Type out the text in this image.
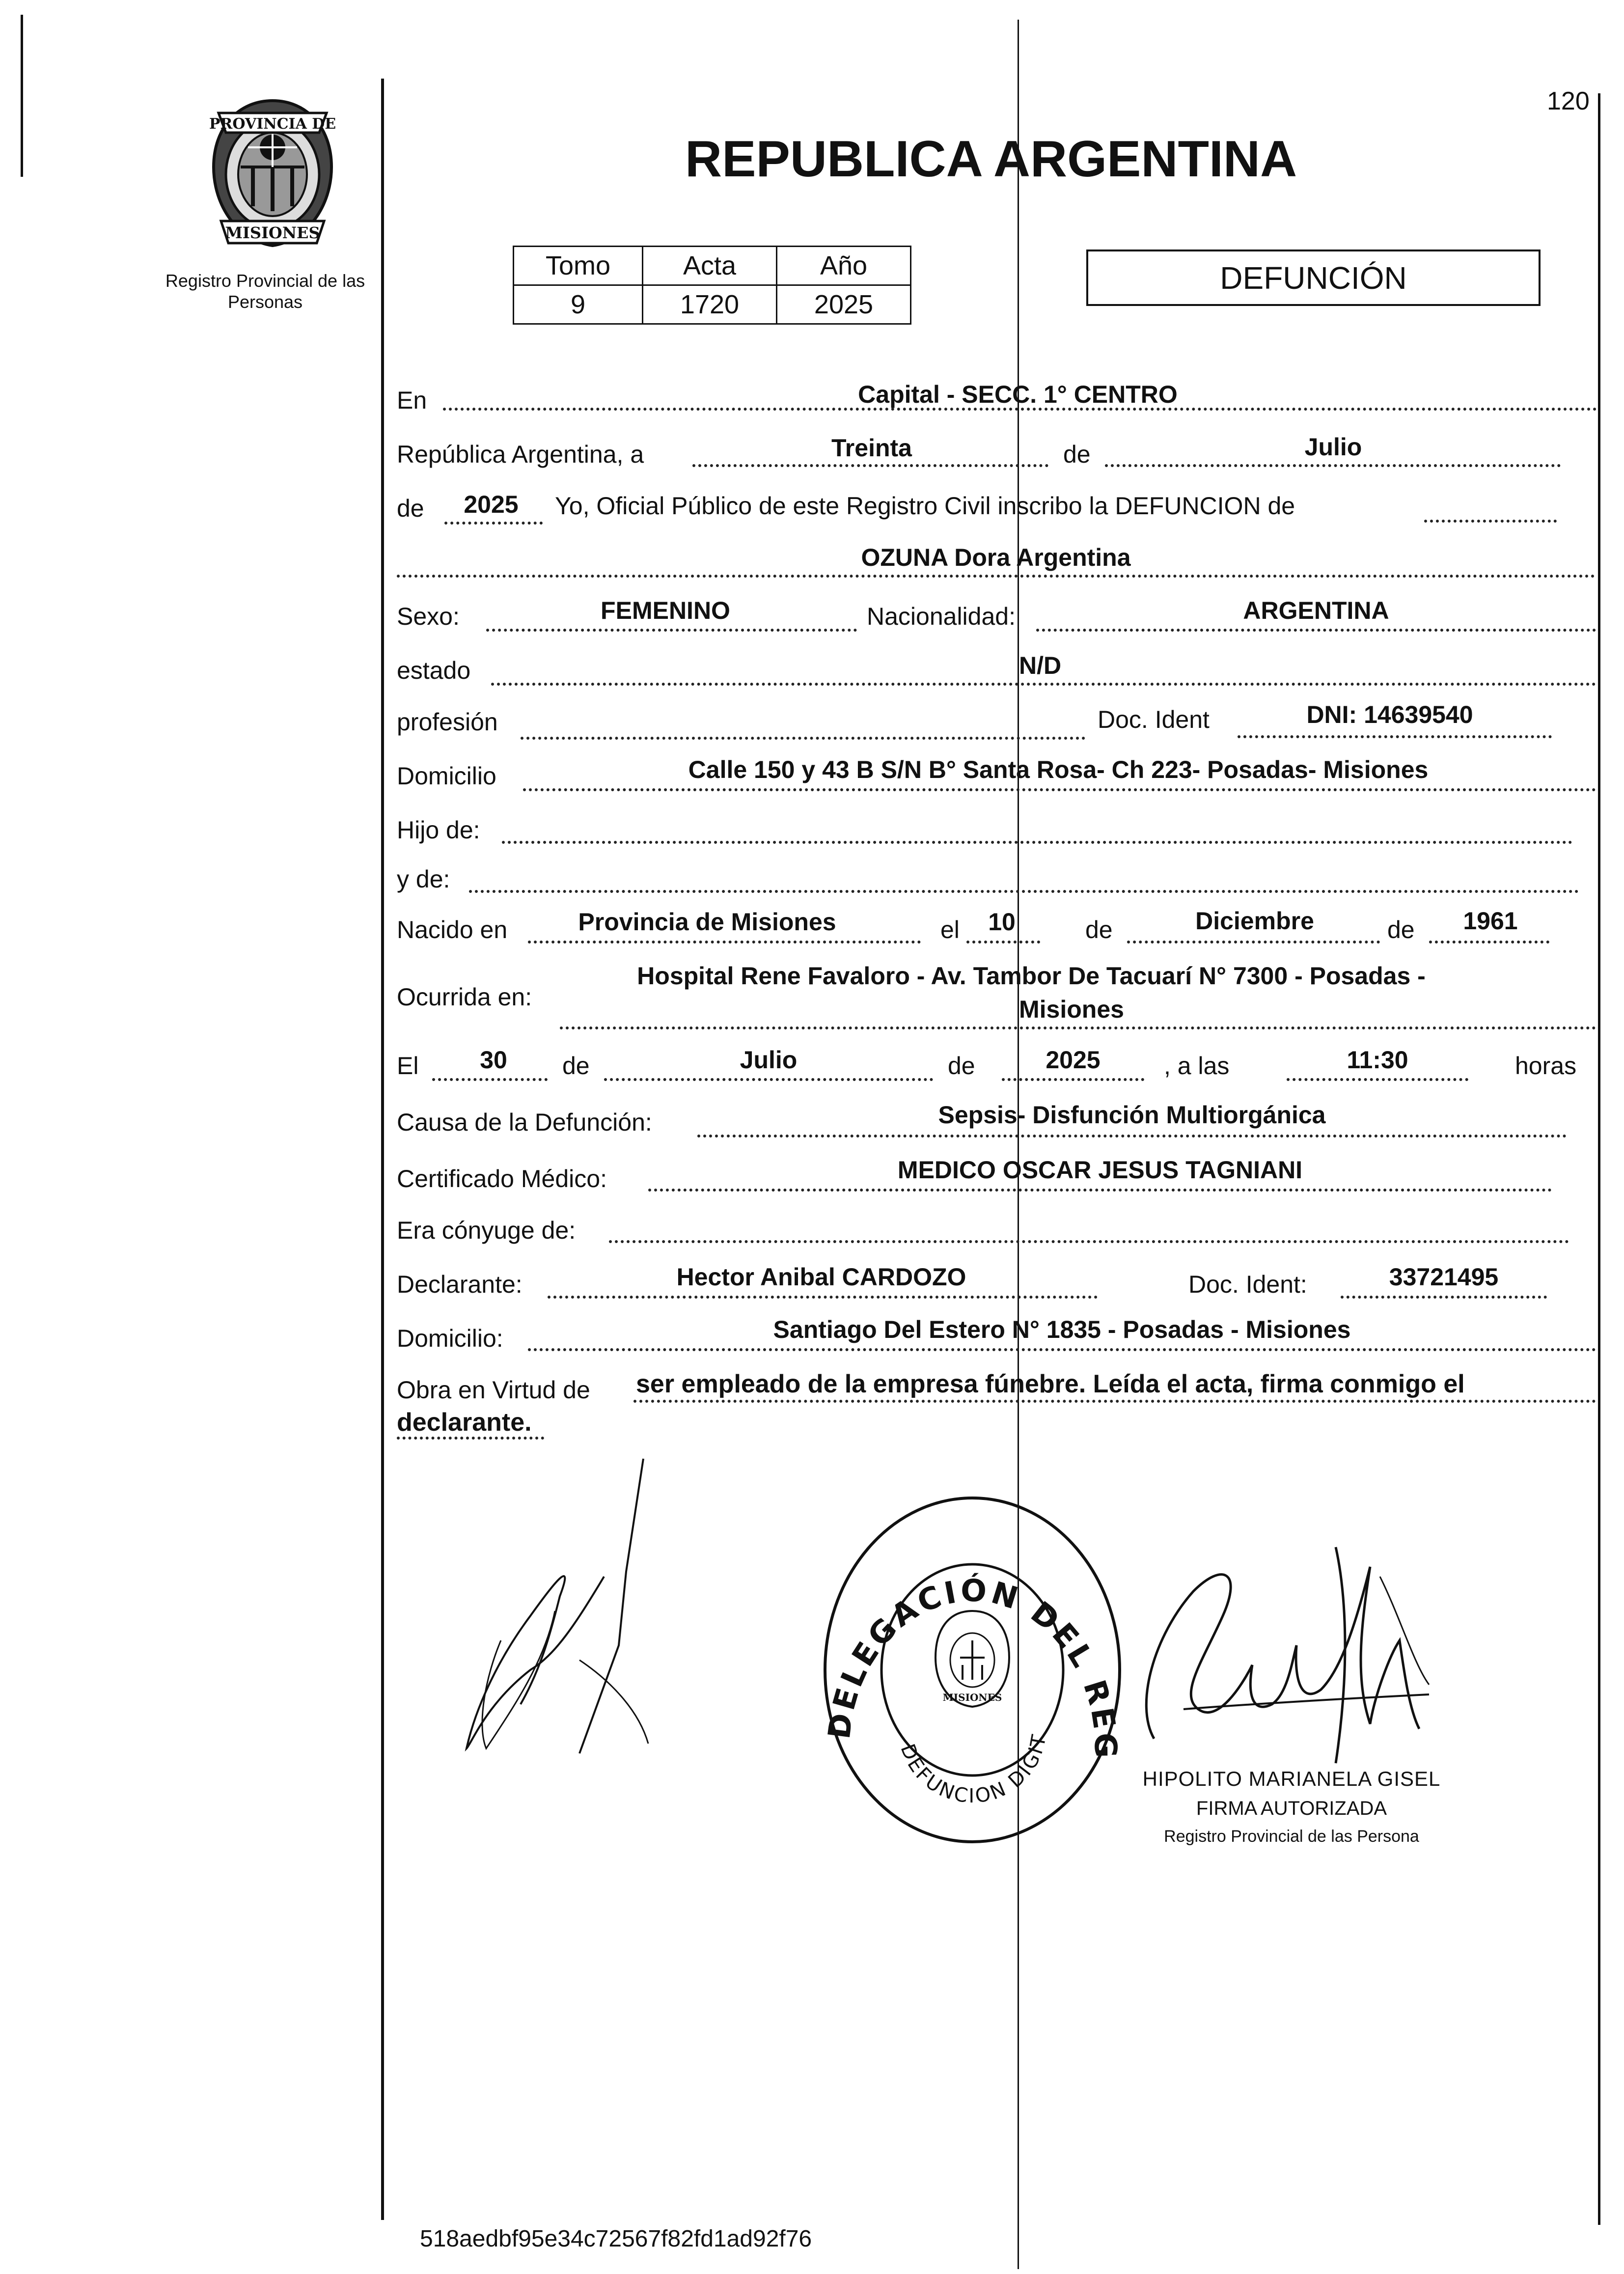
120
PROVINCIA DE
MISIONES
Registro Provincial de las Personas
REPUBLICA ARGENTINA
Tomo	Acta	Año
9	1720	2025
DEFUNCIÓN
En	Capital - SECC. 1° CENTRO
República Argentina, a	Treinta	de	Julio
de	2025	Yo, Oficial Público de este Registro Civil inscribo la DEFUNCION de
OZUNA Dora Argentina
Sexo:	FEMENINO	Nacionalidad:	ARGENTINA
estado	N/D
profesión	Doc. Ident	DNI: 14639540
Domicilio	Calle 150 y 43 B S/N B° Santa Rosa- Ch 223- Posadas- Misiones
Hijo de:
y de:
Nacido en	Provincia de Misiones	el	10	de	Diciembre	de	1961
Ocurrida en:
Hospital Rene Favaloro - Av. Tambor De Tacuarí N° 7300 - Posadas -
Misiones
El	30	de	Julio	de	2025	, a las	11:30	horas
Causa de la Defunción:	Sepsis- Disfunción Multiorgánica
Certificado Médico:	MEDICO OSCAR JESUS TAGNIANI
Era cónyuge de:
Declarante:	Hector Anibal CARDOZO	Doc. Ident:	33721495
Domicilio:	Santiago Del Estero N° 1835 - Posadas - Misiones
Obra en Virtud de ser empleado de la empresa fúnebre. Leída el acta, firma conmigo el
declarante.
DELEGACIÓN DEL REG
DEFUNCION DIGIT
MISIONES
HIPOLITO MARIANELA GISEL
FIRMA AUTORIZADA
Registro Provincial de las Persona
518aedbf95e34c72567f82fd1ad92f76
